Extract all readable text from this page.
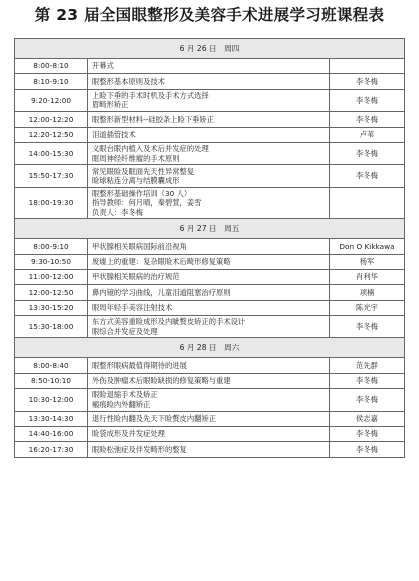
第 23 届全国眼整形及美容手术进展学习班课程表
6 月 26 日　周四		
8:00-8:10	开幕式	

8:10-9:10	眼整形基本原则及技术	李冬梅
9:20-12:00	上睑下垂的手术时机及手术方式选择
眉畸形矫正	李冬梅
12:00-12:20	眼整形新型材料--硅胶条上睑下垂矫正	李冬梅
12:20-12:50	泪道插管技术	卢苇
14:00-15:30	义眼台眼内植入及术后并发症的处理
眶周神经纤维瘤的手术原则	李冬梅
15:50-17:30	常见眼睑及眶面先天性异常整复
睑球粘连分离与结膜囊成形	李冬梅
18:00-19:30	眼整形基础操作培训（30 人）
指导教师：何月晴，秦碧萱，姜雪
负责人：李冬梅	

6 月 27 日　周五		
8:00-9:10	甲状腺相关眼病国际前沿视角	Don O Kikkawa
9:30-10:50	废墟上的重建：复杂眼睑术后畸形修复策略	杨军
11:00-12:00	甲状腺相关眼病的治疗规范	肖利华
12:00-12:50	鼻内镜的学习曲线，儿童泪道阻塞治疗原则	项楠
13:30-15:20	眼周年轻手美容注射技术	陈光宇
15:30-18:00	东方式美容重睑成形及内眦赘皮矫正的手术设计
眼综合并发症及处理	李冬梅
6 月 28 日　周六		
8:00-8:40	眼整形眼病最值得期待的进展	范先群
8:50-10:10	外伤及肿瘤术后眼睑缺损的修复策略与重建	李冬梅
10:30-12:00	眼睑退缩手术及矫正
瘢痕睑内外翻矫正	李冬梅
13:30-14:30	退行性睑内翻及先天下睑赘皮内翻矫正	侯志嘉
14:40-16:00	睑袋成形及并发症处理	李冬梅
16:20-17:30	眼睑松弛症及伴发畸形的整复	李冬梅
